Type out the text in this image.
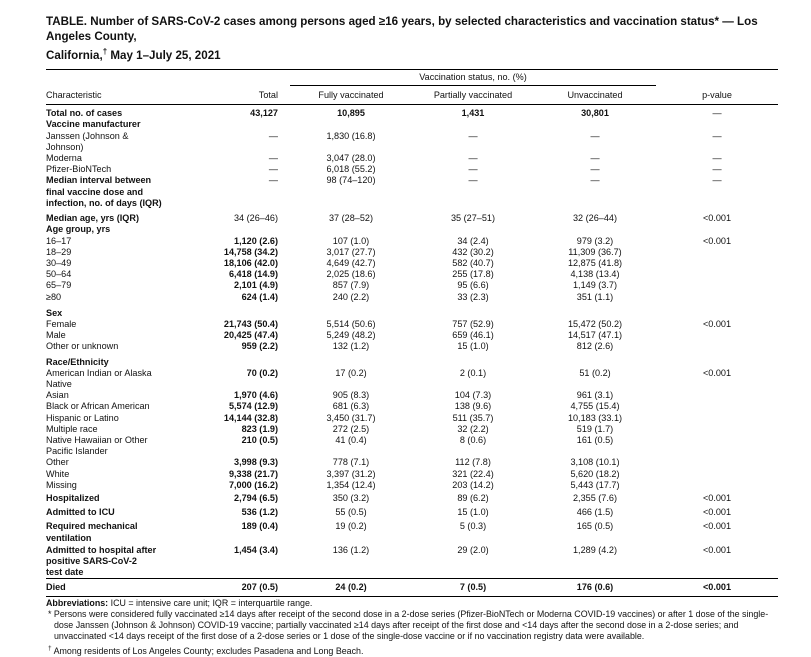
TABLE. Number of SARS-CoV-2 cases among persons aged ≥16 years, by selected characteristics and vaccination status* — Los Angeles County,
California,† May 1–July 25, 2021

		Vaccination status, no. (%)			
Characteristic	Total	Fully vaccinated	Partially vaccinated	Unvaccinated	p-value
Total no. of cases	43,127	10,895	1,431	30,801	—
Vaccine manufacturer					
Janssen (Johnson & Johnson)	—	1,830 (16.8)	—	—	—
Moderna	—	3,047 (28.0)	—	—	—
Pfizer-BioNTech	—	6,018 (55.2)	—	—	—

Median interval between final vaccine dose and
infection, no. of days (IQR)	—	98 (74–120)	—	—	—
Median age, yrs (IQR)	34 (26–46)	37 (28–52)	35 (27–51)	32 (26–44)	<0.001
Age group, yrs					
16–17	1,120 (2.6)	107 (1.0)	34 (2.4)	979 (3.2)	<0.001
18–29	14,758 (34.2)	3,017 (27.7)	432 (30.2)	11,309 (36.7)	
30–49	18,106 (42.0)	4,649 (42.7)	582 (40.7)	12,875 (41.8)	
50–64	6,418 (14.9)	2,025 (18.6)	255 (17.8)	4,138 (13.4)	
65–79	2,101 (4.9)	857 (7.9)	95 (6.6)	1,149 (3.7)	
≥80	624 (1.4)	240 (2.2)	33 (2.3)	351 (1.1)	
Sex					
Female	21,743 (50.4)	5,514 (50.6)	757 (52.9)	15,472 (50.2)	<0.001
Male	20,425 (47.4)	5,249 (48.2)	659 (46.1)	14,517 (47.1)	
Other or unknown	959 (2.2)	132 (1.2)	15 (1.0)	812 (2.6)	
Race/Ethnicity					
American Indian or Alaska Native	70 (0.2)	17 (0.2)	2 (0.1)	51 (0.2)	<0.001
Asian	1,970 (4.6)	905 (8.3)	104 (7.3)	961 (3.1)	
Black or African American	5,574 (12.9)	681 (6.3)	138 (9.6)	4,755 (15.4)	
Hispanic or Latino	14,144 (32.8)	3,450 (31.7)	511 (35.7)	10,183 (33.1)	
Multiple race	823 (1.9)	272 (2.5)	32 (2.2)	519 (1.7)	
Native Hawaiian or Other Pacific Islander	210 (0.5)	41 (0.4)	8 (0.6)	161 (0.5)	
Other	3,998 (9.3)	778 (7.1)	112 (7.8)	3,108 (10.1)	
White	9,338 (21.7)	3,397 (31.2)	321 (22.4)	5,620 (18.2)	
Missing	7,000 (16.2)	1,354 (12.4)	203 (14.2)	5,443 (17.7)	
Hospitalized	2,794 (6.5)	350 (3.2)	89 (6.2)	2,355 (7.6)	<0.001
Admitted to ICU	536 (1.2)	55 (0.5)	15 (1.0)	466 (1.5)	<0.001
Required mechanical ventilation	189 (0.4)	19 (0.2)	5 (0.3)	165 (0.5)	<0.001

Admitted to hospital after positive SARS-CoV-2
test date	1,454 (3.4)	136 (1.2)	29 (2.0)	1,289 (4.2)	<0.001

Died	207 (0.5)	24 (0.2)	7 (0.5)	176 (0.6)	<0.001

Abbreviations: ICU = intensive care unit; IQR = interquartile range.

* Persons were considered fully vaccinated ≥14 days after receipt of the second dose in a 2-dose series (Pfizer-BioNTech or Moderna COVID-19 vaccines) or after 1 dose of the single-dose Janssen (Johnson & Johnson) COVID-19 vaccine; partially vaccinated ≥14 days after receipt of the first dose and <14 days after the second dose in a 2-dose series; and unvaccinated <14 days receipt of the first dose of a 2-dose series or 1 dose of the single-dose vaccine or if no vaccination registry data were available.

† Among residents of Los Angeles County; excludes Pasadena and Long Beach.
